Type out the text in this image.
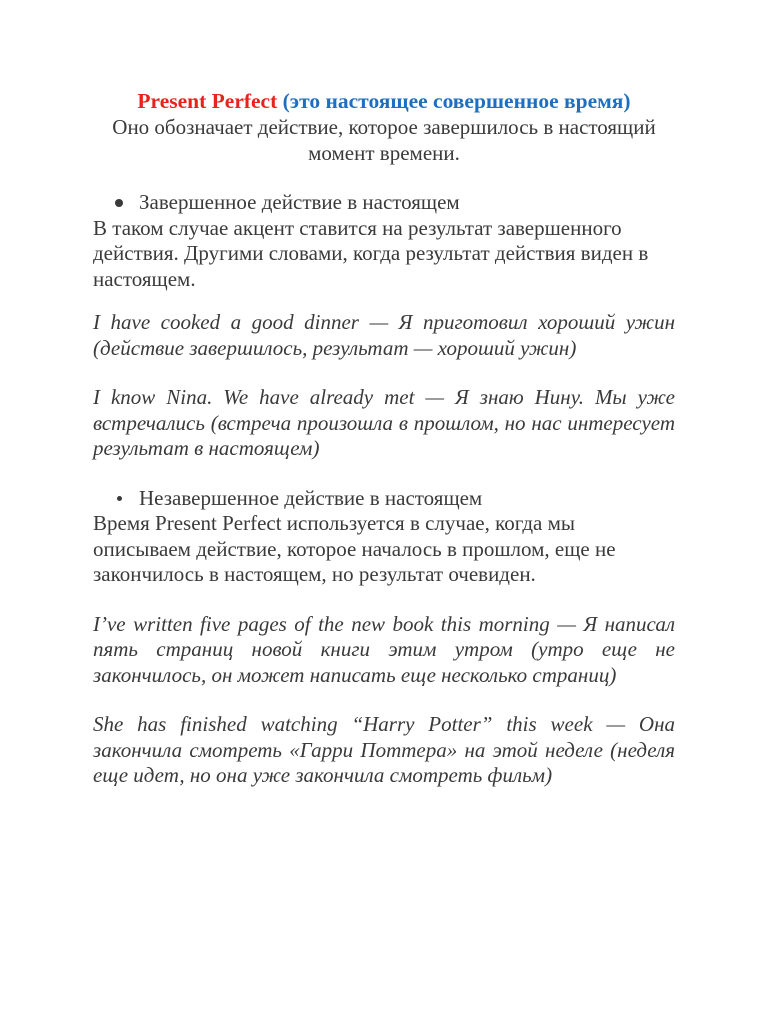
Present Perfect (это настоящее совершенное время)
Оно обозначает действие, которое завершилось в настоящий момент времени.
Завершенное действие в настоящем

В таком случае акцент ставится на результат завершенного действия. Другими словами, когда результат действия виден в настоящем.

I have cooked a good dinner — Я приготовил хороший ужин (действие завершилось, результат — хороший ужин)

I know Nina. We have already met — Я знаю Нину. Мы уже встречались (встреча произошла в прошлом, но нас интересует результат в настоящем)

Незавершенное действие в настоящем

Время Present Perfect используется в случае, когда мы описываем действие, которое началось в прошлом, еще не закончилось в настоящем, но результат очевиден.

I’ve written five pages of the new book this morning — Я написал пять страниц новой книги этим утром (утро еще не закончилось, он может написать еще несколько страниц)

She has finished watching “Harry Potter” this week — Она закончила смотреть «Гарри Поттера» на этой неделе (неделя еще идет, но она уже закончила смотреть фильм)
